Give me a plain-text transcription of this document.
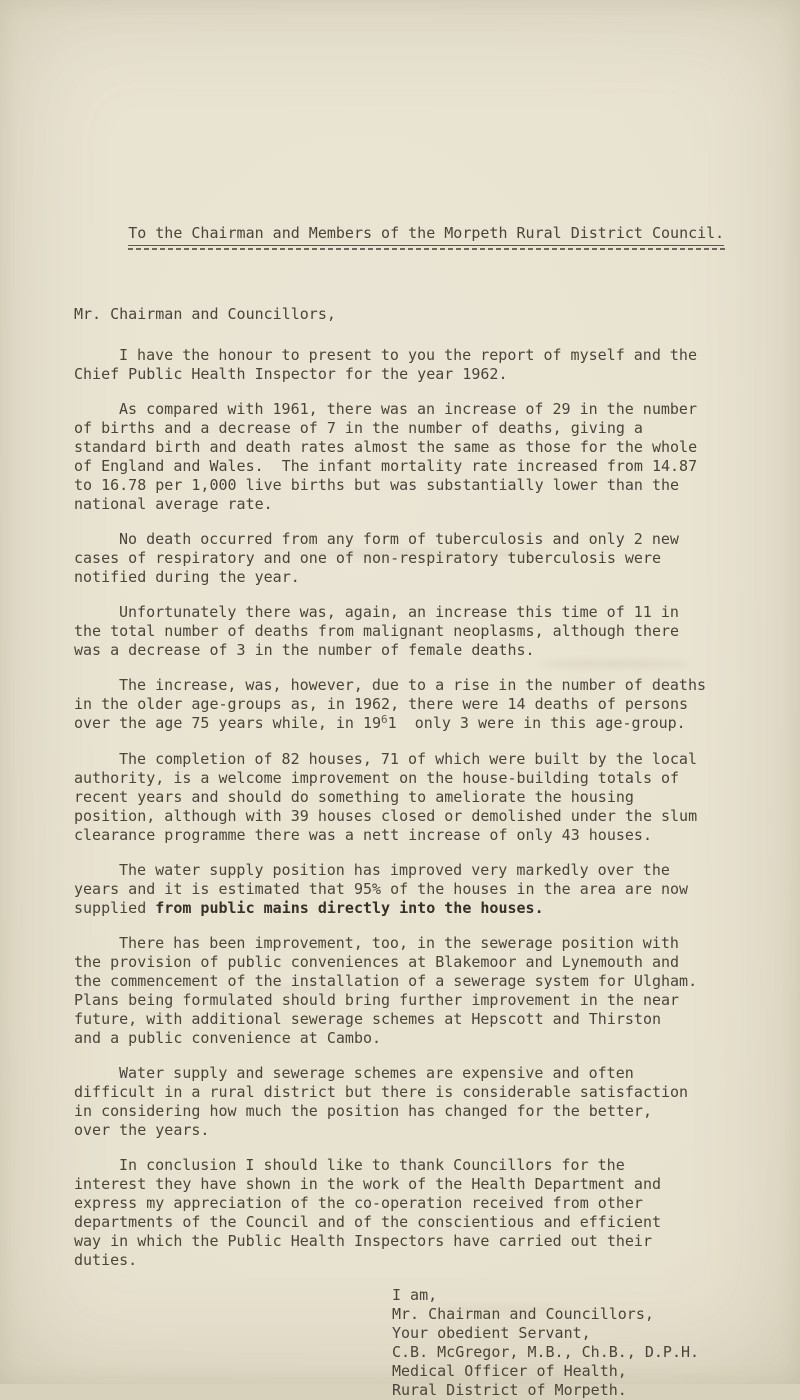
To the Chairman and Members of the Morpeth Rural District Council.

Mr. Chairman and Councillors,
I have the honour to present to you the report of myself and the
Chief Public Health Inspector for the year 1962.
As compared with 1961, there was an increase of 29 in the number
of births and a decrease of 7 in the number of deaths, giving a
standard birth and death rates almost the same as those for the whole
of England and Wales.  The infant mortality rate increased from 14.87
to 16.78 per 1,000 live births but was substantially lower than the
national average rate.
No death occurred from any form of tuberculosis and only 2 new
cases of respiratory and one of non-respiratory tuberculosis were
notified during the year.
Unfortunately there was, again, an increase this time of 11 in
the total number of deaths from malignant neoplasms, although there
was a decrease of 3 in the number of female deaths.
The increase, was, however, due to a rise in the number of deaths
in the older age-groups as, in 1962, there were 14 deaths of persons
over the age 75 years while, in 1961  only 3 were in this age-group.
The completion of 82 houses, 71 of which were built by the local
authority, is a welcome improvement on the house-building totals of
recent years and should do something to ameliorate the housing
position, although with 39 houses closed or demolished under the slum
clearance programme there was a nett increase of only 43 houses.
The water supply position has improved very markedly over the
years and it is estimated that 95% of the houses in the area are now
supplied from public mains directly into the houses.
There has been improvement, too, in the sewerage position with
the provision of public conveniences at Blakemoor and Lynemouth and
the commencement of the installation of a sewerage system for Ulgham.
Plans being formulated should bring further improvement in the near
future, with additional sewerage schemes at Hepscott and Thirston
and a public convenience at Cambo.
Water supply and sewerage schemes are expensive and often
difficult in a rural district but there is considerable satisfaction
in considering how much the position has changed for the better,
over the years.
In conclusion I should like to thank Councillors for the
interest they have shown in the work of the Health Department and
express my appreciation of the co-operation received from other
departments of the Council and of the conscientious and efficient
way in which the Public Health Inspectors have carried out their
duties.
I am,
Mr. Chairman and Councillors,
Your obedient Servant,
C.B. McGregor, M.B., Ch.B., D.P.H.
Medical Officer of Health,
Rural District of Morpeth.
